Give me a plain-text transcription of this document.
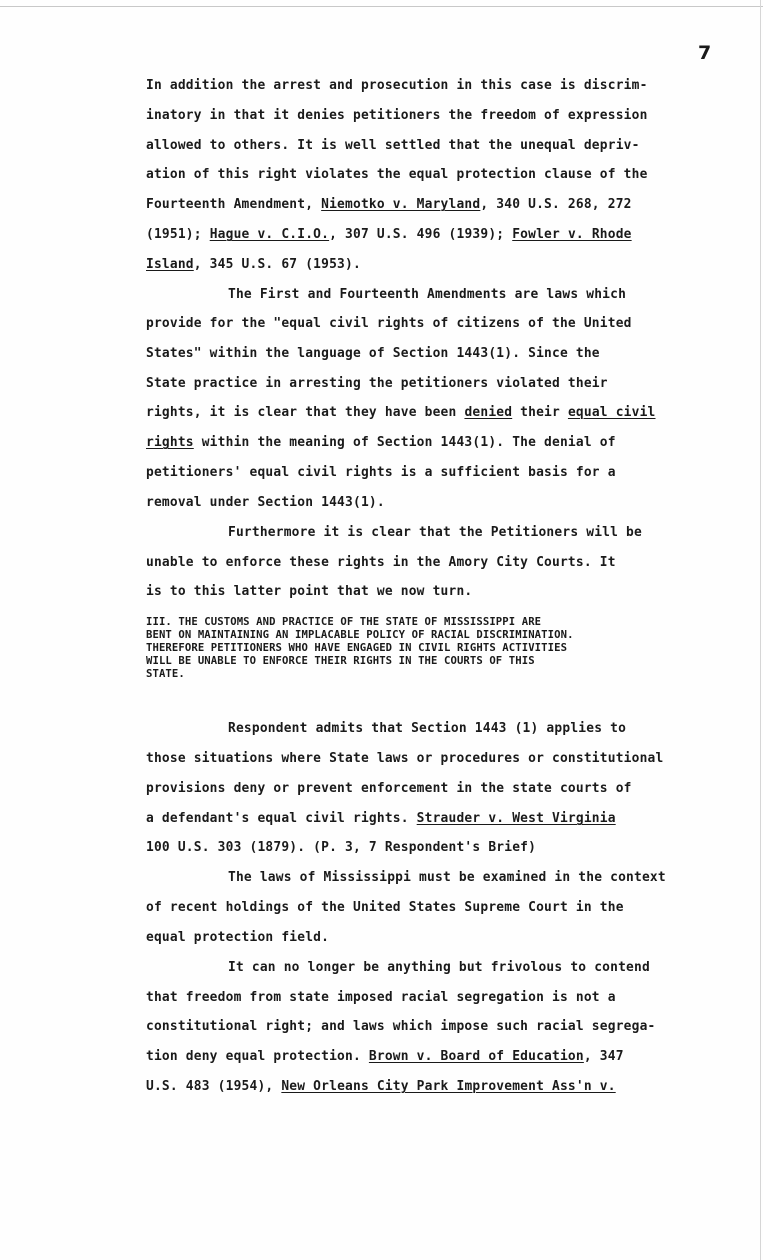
7
In addition the arrest and prosecution in this case is discrim-
inatory in that it denies petitioners the freedom of expression
allowed to others. It is well settled that the unequal depriv-
ation of this right violates the equal protection clause of the
Fourteenth Amendment, Niemotko v. Maryland, 340 U.S. 268, 272
(1951); Hague v. C.I.O., 307 U.S. 496 (1939); Fowler v. Rhode
Island, 345 U.S. 67 (1953).
The First and Fourteenth Amendments are laws which
provide for the "equal civil rights of citizens of the United
States" within the language of Section 1443(1). Since the
State practice in arresting the petitioners violated their
rights, it is clear that they have been denied their equal civil
rights within the meaning of Section 1443(1). The denial of
petitioners' equal civil rights is a sufficient basis for a
removal under Section 1443(1).
Furthermore it is clear that the Petitioners will be
unable to enforce these rights in the Amory City Courts. It
is to this latter point that we now turn.
III. THE CUSTOMS AND PRACTICE OF THE STATE OF MISSISSIPPI ARE
BENT ON MAINTAINING AN IMPLACABLE POLICY OF RACIAL DISCRIMINATION.
THEREFORE PETITIONERS WHO HAVE ENGAGED IN CIVIL RIGHTS ACTIVITIES
WILL BE UNABLE TO ENFORCE THEIR RIGHTS IN THE COURTS OF THIS
STATE.
Respondent admits that Section 1443 (1) applies to
those situations where State laws or procedures or constitutional
provisions deny or prevent enforcement in the state courts of
a defendant's equal civil rights. Strauder v. West Virginia
100 U.S. 303 (1879). (P. 3, 7 Respondent's Brief)
The laws of Mississippi must be examined in the context
of recent holdings of the United States Supreme Court in the
equal protection field.
It can no longer be anything but frivolous to contend
that freedom from state imposed racial segregation is not a
constitutional right; and laws which impose such racial segrega-
tion deny equal protection. Brown v. Board of Education, 347
U.S. 483 (1954), New Orleans City Park Improvement Ass'n v.
